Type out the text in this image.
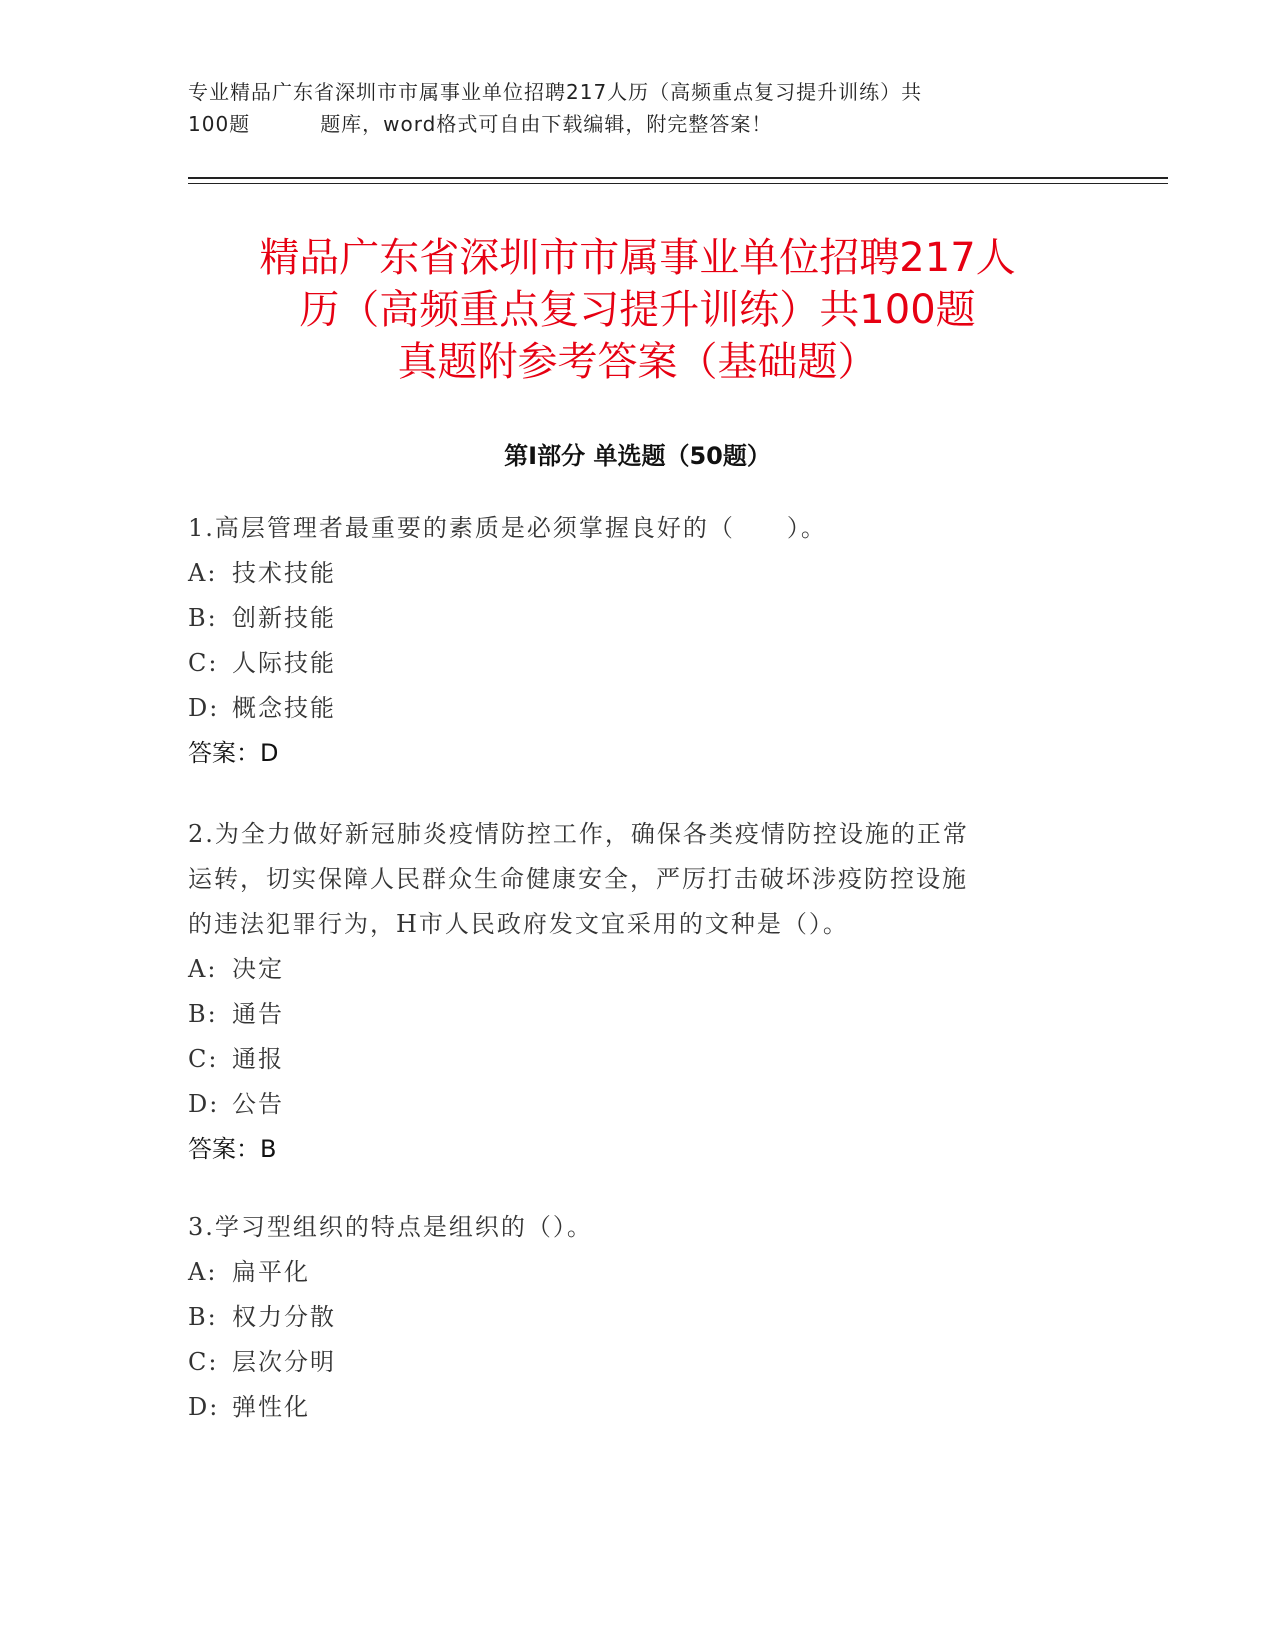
专业精品广东省深圳市市属事业单位招聘217人历（高频重点复习提升训练）共
100题	题库，word格式可自由下载编辑，附完整答案！
精品广东省深圳市市属事业单位招聘217人
历（高频重点复习提升训练）共100题
真题附参考答案（基础题）
第Ⅰ部分 单选题（50题）

1.高层管理者最重要的素质是必须掌握良好的（　　）。

A: 技术技能

B: 创新技能

C: 人际技能

D: 概念技能

答案：D

2.为全力做好新冠肺炎疫情防控工作，确保各类疫情防控设施的正常

运转，切实保障人民群众生命健康安全，严厉打击破坏涉疫防控设施

的违法犯罪行为，H市人民政府发文宜采用的文种是（）。

A: 决定

B: 通告

C: 通报

D: 公告

答案：B

3.学习型组织的特点是组织的（）。

A: 扁平化

B: 权力分散

C: 层次分明

D: 弹性化
